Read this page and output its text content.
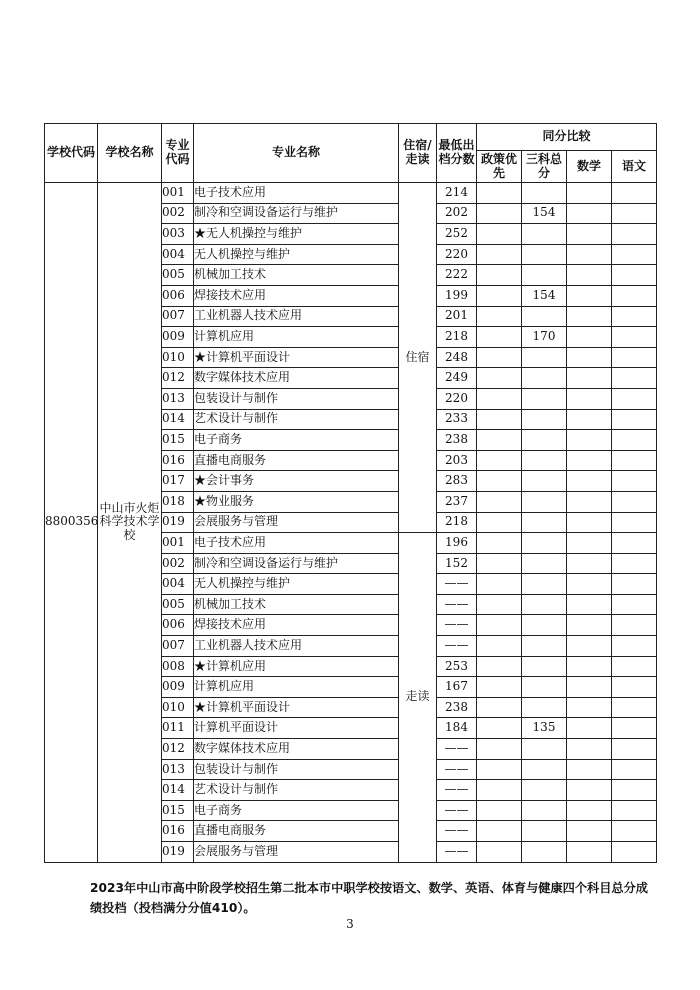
学校代码	学校名称	专业代码	专业名称	住宿/走读	最低出档分数	同分比较			
						政策优先	三科总分	数学	语文
8800356	中山市火炬科学技术学校	001	电子技术应用	住宿	214				
		002	制冷和空调设备运行与维护		202		154		
		003	★无人机操控与维护		252				
		004	无人机操控与维护		220				
		005	机械加工技术		222				
		006	焊接技术应用		199		154		
		007	工业机器人技术应用		201				
		009	计算机应用		218		170		
		010	★计算机平面设计		248				
		012	数字媒体技术应用		249				
		013	包装设计与制作		220				
		014	艺术设计与制作		233				
		015	电子商务		238				
		016	直播电商服务		203				
		017	★会计事务		283				
		018	★物业服务		237				
		019	会展服务与管理		218				
		001	电子技术应用	走读	196				
		002	制冷和空调设备运行与维护		152				
		004	无人机操控与维护		——				
		005	机械加工技术		——				
		006	焊接技术应用		——				
		007	工业机器人技术应用		——				
		008	★计算机应用		253				
		009	计算机应用		167				
		010	★计算机平面设计		238				
		011	计算机平面设计		184		135		
		012	数字媒体技术应用		——				
		013	包装设计与制作		——				
		014	艺术设计与制作		——				
		015	电子商务		——				
		016	直播电商服务		——				
		019	会展服务与管理		——				
2023年中山市高中阶段学校招生第二批本市中职学校按语文、数学、英语、体育与健康四个科目总分成绩投档（投档满分分值410）。
3
